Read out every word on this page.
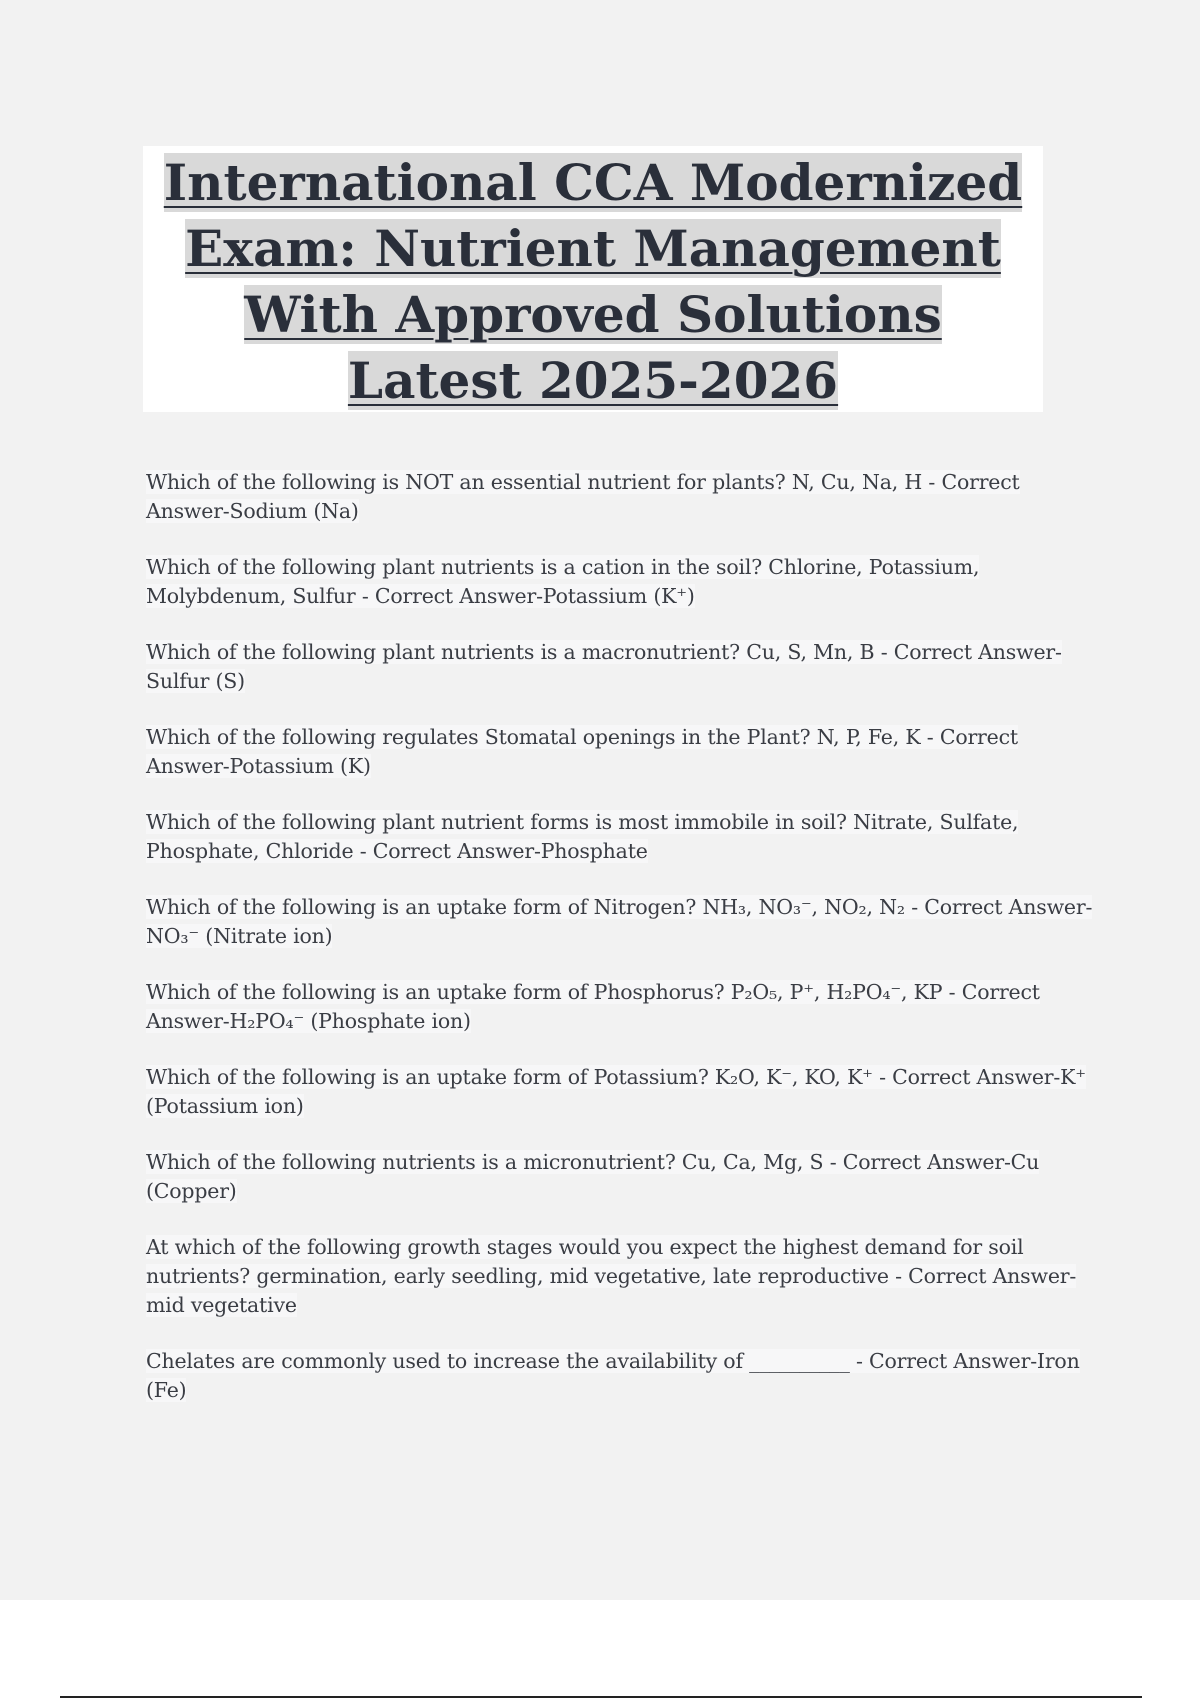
International CCA Modernized
Exam: Nutrient Management
With Approved Solutions
Latest 2025-2026

Which of the following is NOT an essential nutrient for plants? N, Cu, Na, H - Correct Answer-Sodium (Na)

Which of the following plant nutrients is a cation in the soil? Chlorine, Potassium, Molybdenum, Sulfur - Correct Answer-Potassium (K⁺)

Which of the following plant nutrients is a macronutrient? Cu, S, Mn, B - Correct Answer-Sulfur (S)

Which of the following regulates Stomatal openings in the Plant? N, P, Fe, K - Correct Answer-Potassium (K)

Which of the following plant nutrient forms is most immobile in soil? Nitrate, Sulfate, Phosphate, Chloride - Correct Answer-Phosphate

Which of the following is an uptake form of Nitrogen? NH₃, NO₃⁻, NO₂, N₂ - Correct Answer-NO₃⁻ (Nitrate ion)

Which of the following is an uptake form of Phosphorus? P₂O₅, P⁺, H₂PO₄⁻, KP - Correct Answer-H₂PO₄⁻ (Phosphate ion)

Which of the following is an uptake form of Potassium? K₂O, K⁻, KO, K⁺ - Correct Answer-K⁺ (Potassium ion)

Which of the following nutrients is a micronutrient? Cu, Ca, Mg, S - Correct Answer-Cu (Copper)

At which of the following growth stages would you expect the highest demand for soil nutrients? germination, early seedling, mid vegetative, late reproductive - Correct Answer-mid vegetative

Chelates are commonly used to increase the availability of __________ - Correct Answer-Iron (Fe)
